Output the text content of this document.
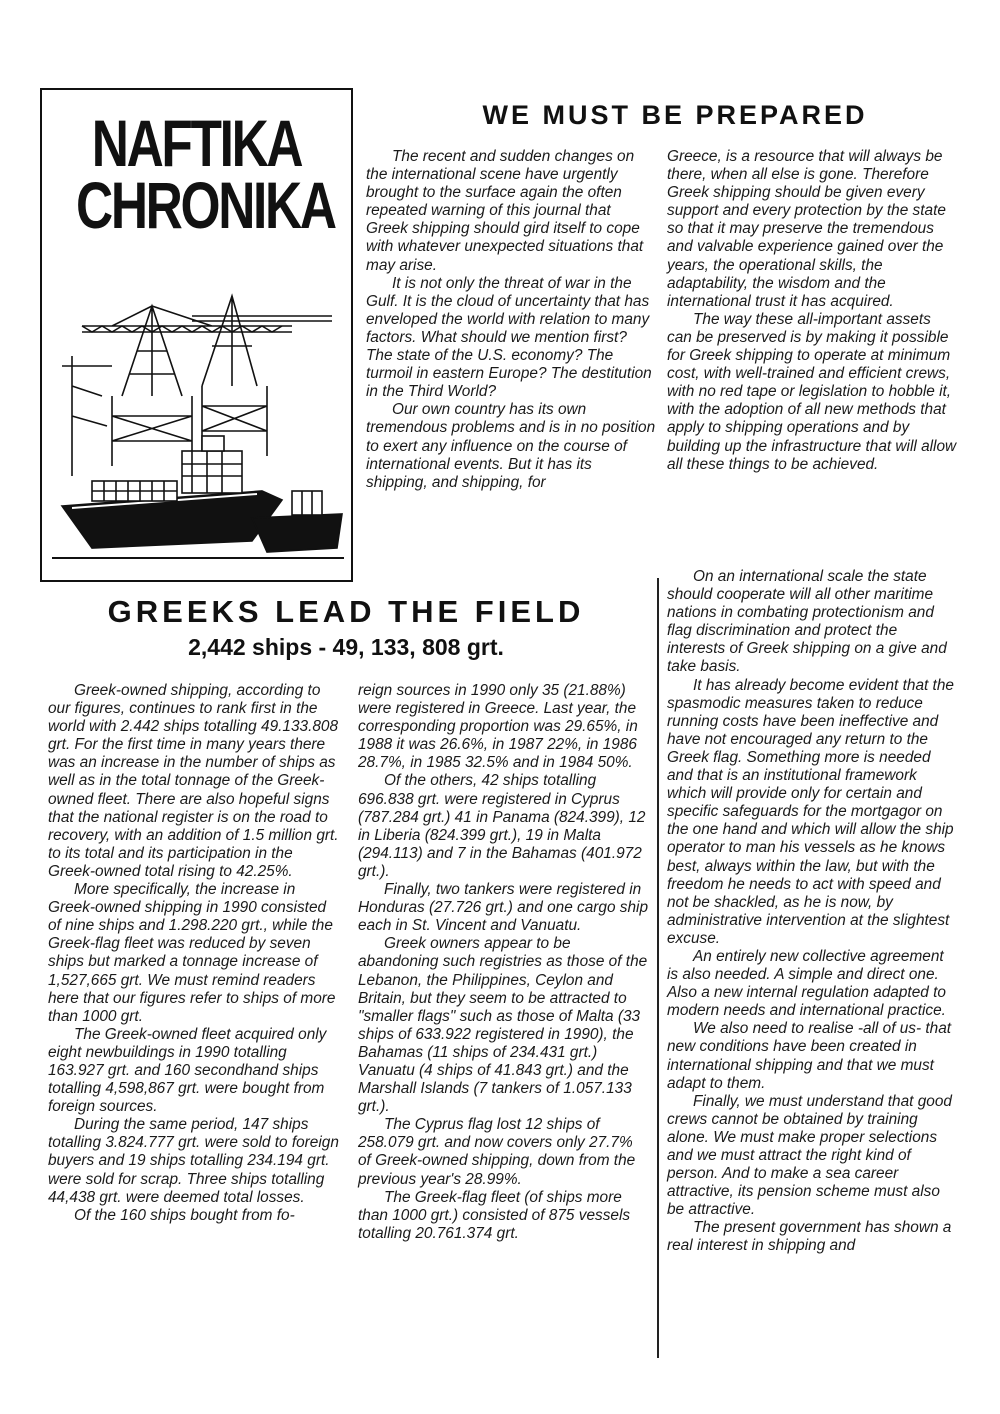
NAFTIKA
CHRONIKA
WE MUST BE PREPARED

The recent and sudden changes on the international scene have urgently brought to the surface again the often repeated warning of this journal that Greek shipping should gird itself to cope with whatever unexpected situations that may arise.

It is not only the threat of war in the Gulf. It is the cloud of uncertainty that has enveloped the world with relation to many factors. What should we mention first? The state of the U.S. economy? The turmoil in eastern Europe? The destitution in the Third World?

Our own country has its own tremendous problems and is in no position to exert any influence on the course of international events. But it has its shipping, and shipping, for

Greece, is a resource that will always be there, when all else is gone. Therefore Greek shipping should be given every support and every protection by the state so that it may preserve the tremendous and valvable experience gained over the years, the operational skills, the adaptability, the wisdom and the international trust it has acquired.

The way these all-important assets can be preserved is by making it possible for Greek shipping to operate at minimum cost, with well-trained and efficient crews, with no red tape or legislation to hobble it, with the adoption of all new methods that apply to shipping operations and by building up the infrastructure that will allow all these things to be achieved.

On an international scale the state should cooperate will all other maritime nations in combating protectionism and flag discrimination and protect the interests of Greek shipping on a give and take basis.

It has already become evident that the spasmodic measures taken to reduce running costs have been ineffective and have not encouraged any return to the Greek flag. Something more is needed and that is an institutional framework which will provide only for certain and specific safeguards for the mortgagor on the one hand and which will allow the ship operator to man his vessels as he knows best, always within the law, but with the freedom he needs to act with speed and not be shackled, as he is now, by administrative intervention at the slightest excuse.

An entirely new collective agreement is also needed. A simple and direct one. Also a new internal regulation adapted to modern needs and international practice.

We also need to realise -all of us- that new conditions have been created in international shipping and that we must adapt to them.

Finally, we must understand that good crews cannot be obtained by training alone. We must make proper selections and we must attract the right kind of person. And to make a sea career attractive, its pension scheme must also be attractive.

The present government has shown a real interest in shipping and

GREEKS LEAD THE FIELD
2,442 ships - 49, 133, 808 grt.

Greek-owned shipping, according to our figures, continues to rank first in the world with 2.442 ships totalling 49.133.808 grt. For the first time in many years there was an increase in the number of ships as well as in the total tonnage of the Greek-owned fleet. There are also hopeful signs that the national register is on the road to recovery, with an addition of 1.5 million grt. to its total and its participation in the Greek-owned total rising to 42.25%.

More specifically, the increase in Greek-owned shipping in 1990 consisted of nine ships and 1.298.220 grt., while the Greek-flag fleet was reduced by seven ships but marked a tonnage increase of 1,527,665 grt. We must remind readers here that our figures refer to ships of more than 1000 grt.

The Greek-owned fleet acquired only eight newbuildings in 1990 totalling 163.927 grt. and 160 secondhand ships totalling 4,598,867 grt. were bought from foreign sources.

During the same period, 147 ships totalling 3.824.777 grt. were sold to foreign buyers and 19 ships totalling 234.194 grt. were sold for scrap. Three ships totalling 44,438 grt. were deemed total losses.

Of the 160 ships bought from fo-

reign sources in 1990 only 35 (21.88%) were registered in Greece. Last year, the corresponding proportion was 29.65%, in 1988 it was 26.6%, in 1987 22%, in 1986 28.7%, in 1985 32.5% and in 1984 50%.

Of the others, 42 ships totalling 696.838 grt. were registered in Cyprus (787.284 grt.) 41 in Panama (824.399), 12 in Liberia (824.399 grt.), 19 in Malta (294.113) and 7 in the Bahamas (401.972 grt.).

Finally, two tankers were registered in Honduras (27.726 grt.) and one cargo ship each in St. Vincent and Vanuatu.

Greek owners appear to be abandoning such registries as those of the Lebanon, the Philippines, Ceylon and Britain, but they seem to be attracted to "smaller flags" such as those of Malta (33 ships of 633.922 registered in 1990), the Bahamas (11 ships of 234.431 grt.) Vanuatu (4 ships of 41.843 grt.) and the Marshall Islands (7 tankers of 1.057.133 grt.).

The Cyprus flag lost 12 ships of 258.079 grt. and now covers only 27.7% of Greek-owned shipping, down from the previous year's 28.99%.

The Greek-flag fleet (of ships more than 1000 grt.) consisted of 875 vessels totalling 20.761.374 grt.
